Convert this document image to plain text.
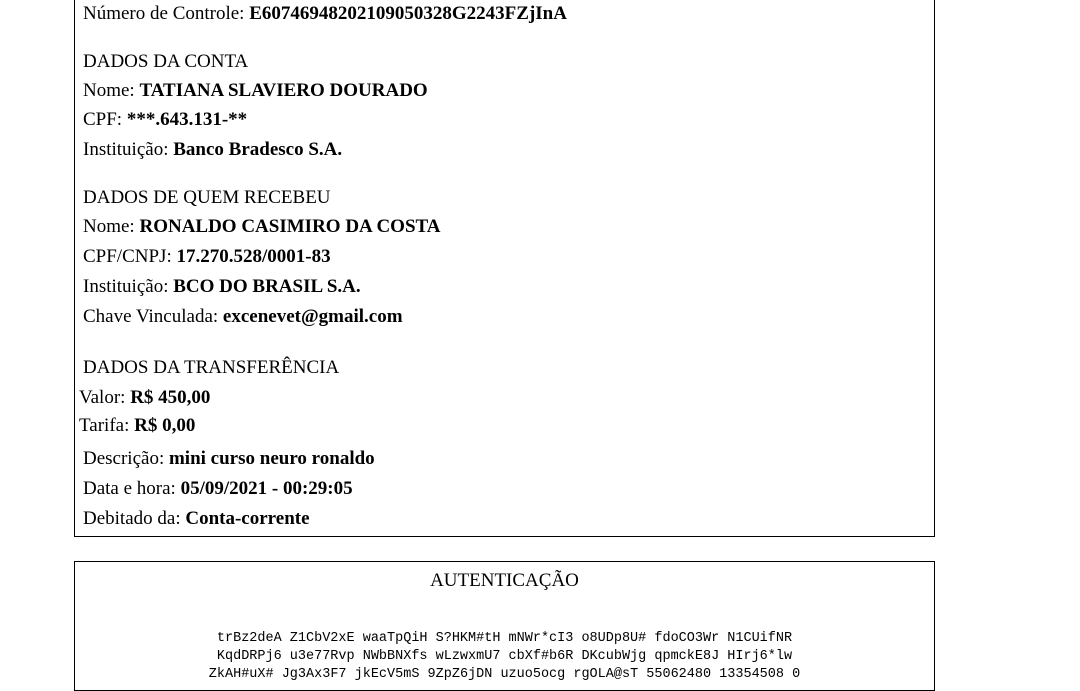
Número de Controle: E60746948202109050328G2243FZjInA
DADOS DA CONTA
Nome: TATIANA SLAVIERO DOURADO
CPF: ***.643.131-**
Instituição: Banco Bradesco S.A.
DADOS DE QUEM RECEBEU
Nome: RONALDO CASIMIRO DA COSTA
CPF/CNPJ: 17.270.528/0001-83
Instituição: BCO DO BRASIL S.A.
Chave Vinculada: excenevet@gmail.com
DADOS DA TRANSFERÊNCIA
Valor: R$ 450,00
Tarifa: R$ 0,00
Descrição: mini curso neuro ronaldo
Data e hora: 05/09/2021 - 00:29:05
Debitado da: Conta-corrente
AUTENTICAÇÃO
trBz2deA Z1CbV2xE waaTpQiH S?HKM#tH mNWr*cI3 o8UDp8U# fdoCO3Wr N1CUifNR
KqdDRPj6 u3e77Rvp NWbBNXfs wLzwxmU7 cbXf#b6R DKcubWjg qpmckE8J HIrj6*lw
ZkAH#uX# Jg3Ax3F7 jkEcV5mS 9ZpZ6jDN uzuo5ocg rgOLA@sT 55062480 13354508 0
